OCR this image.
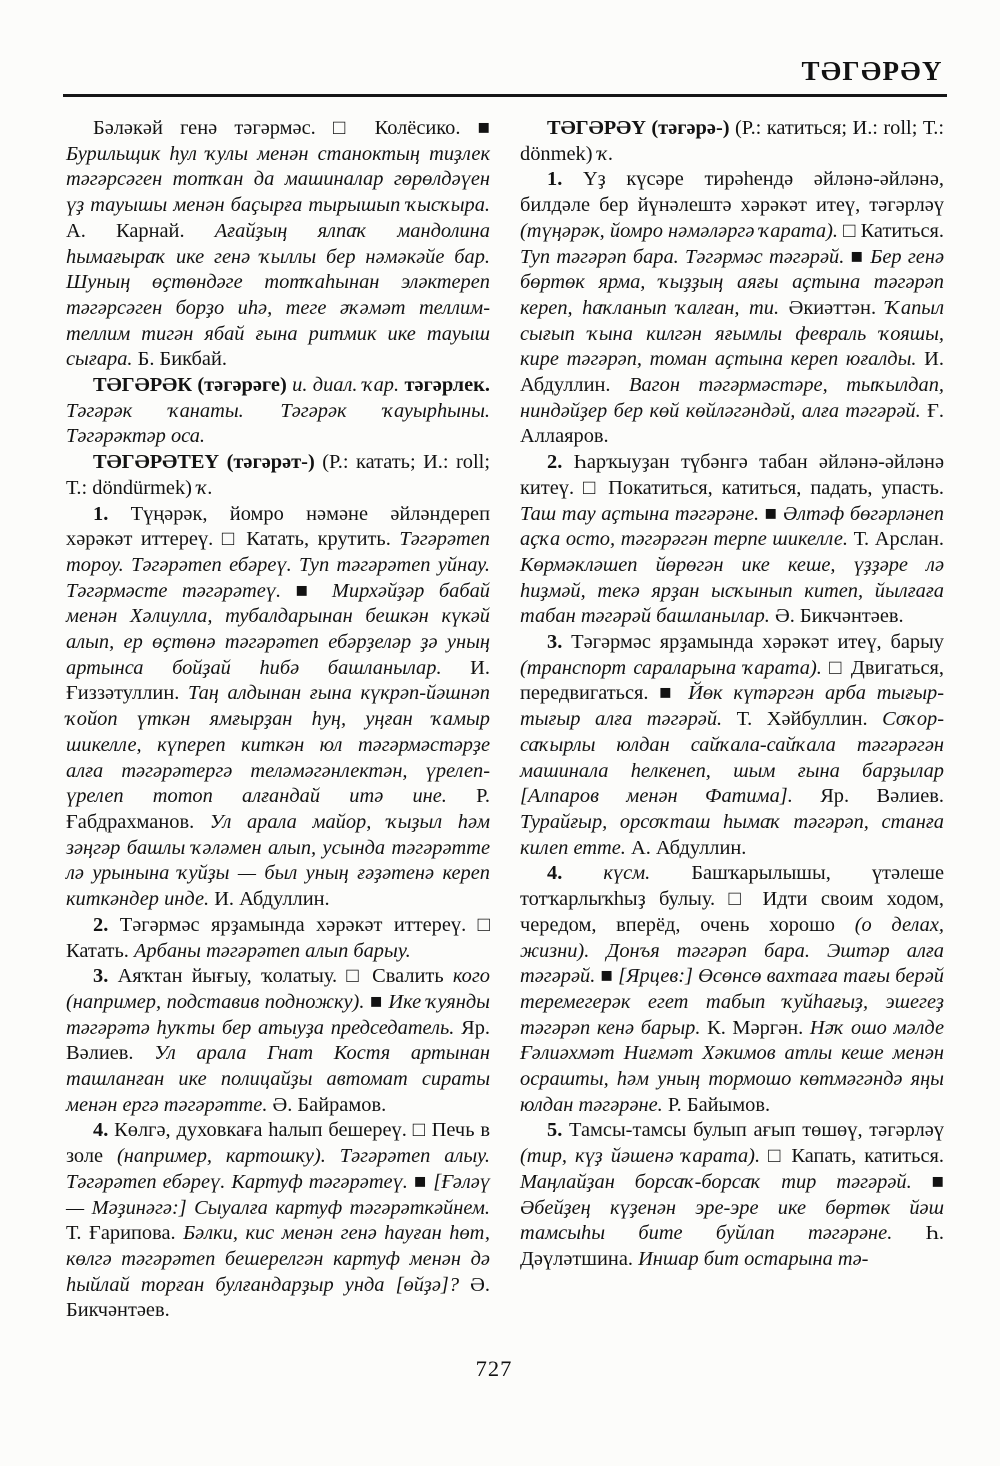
ТӘГӘРӘҮ

Бәләкәй генә тәгәрмәс. □ Колёсико. ■ Бурильщик һул ҡулы менән станоктың тиҙлек тәгәрсәген тотҡан да машиналар гөрөлдәүен үҙ тауышы менән баҫырға тырышып ҡысҡыра. А. Карнай. Ағайҙың ялпаҡ мандолина һымағыраҡ ике генә ҡыллы бер нәмәкәйе бар. Шуның өҫтөндәге тотҡаһынан эләктереп тәгәрсәген борҙо иһә, теге әҡәмәт теллим-теллим тигән ябай ғына ритмик ике тауыш сығара. Б. Бикбай.

ТӘГӘРӘК (тәгәрәге) и. диал. ҡар. тәгәрлек. Тәгәрәк ҡанаты. Тәгәрәк ҡауырһыны. Тәгәрәктәр оса.

ТӘГӘРӘТЕҮ (тәгәрәт-) (Р.: катать; И.: roll; Т.: döndürmek) ҡ.

1. Түңәрәк, йомро нәмәне әйләндереп хәрәкәт иттереү. □ Катать, крутить. Тәгәрәтеп тороу. Тәгәрәтеп ебәреү. Туп тәгәрәтеп уйнау. Тәгәрмәсте тәгәрәтеү. ■ Мирхәйҙәр бабай менән Хәлиулла, тубалдарынан бешкән күкәй алып, ер өҫтөнә тәгәрәтеп ебәрҙеләр ҙә уның артынса бойҙай һибә башланылар. И. Ғиззәтуллин. Таң алдынан ғына күкрәп-йәшнәп ҡойоп үткән ямғырҙан һуң, уңған ҡамыр шикелле, күпереп киткән юл тәгәрмәстәрҙе алға тәгәрәтергә теләмәгәнлектән, үрелеп-үрелеп тотоп алғандай итә ине. Р. Ғабдрахманов. Ул арала майор, ҡыҙыл һәм зәңгәр башлы ҡәләмен алып, усында тәгәрәтте лә урынына ҡуйҙы — был уның ғәҙәтенә кереп киткәндер инде. И. Абдуллин.

2. Тәгәрмәс ярҙамында хәрәкәт иттереү. □ Катать. Арбаны тәгәрәтеп алып барыу.

3. Аяҡтан йығыу, ҡолатыу. □ Свалить кого (например, подставив подножку). ■ Ике ҡуянды тәгәрәтә һуҡты бер атыуҙа председатель. Яр. Вәлиев. Ул арала Гнат Костя артынан ташланған ике полицайҙы автомат сираты менән ергә тәгәрәтте. Ә. Байрамов.

4. Көлгә, духовкаға һалып бешереү. □ Печь в золе (например, картошку). Тәгәрәтеп алыу. Тәгәрәтеп ебәреү. Картуф тәгәрәтеү. ■ [Ғәләү — Мәҙинәгә:] Сыуалға картуф тәгәрәткәйнем. Т. Ғарипова. Бәлки, кис менән генә һауған һөт, көлгә тәгәрәтеп бешерелгән картуф менән дә һыйлай торған булғандарҙыр унда [өйҙә]? Ә. Бикчәнтәев.

ТӘГӘРӘҮ (тәгәрә-) (Р.: катиться; И.: roll; Т.: dönmek) ҡ.

1. Үҙ күсәре тирәһендә әйләнә-әйләнә, билдәле бер йүнәлештә хәрәкәт итеү, тәгәрләү (түңәрәк, йомро нәмәләргә ҡарата). □ Катиться. Туп тәгәрәп бара. Тәгәрмәс тәгәрәй. ■ Бер генә бөртөк ярма, ҡыҙҙың аяғы аҫтына тәгәрәп кереп, һаҡланып ҡалған, ти. Әкиәттән. Ҡапыл сығып ҡына килгән яғымлы февраль ҡояшы, кире тәгәрәп, томан аҫтына кереп юғалды. И. Абдуллин. Вагон тәгәрмәстәре, тыҡылдап, ниндәйҙер бер көй көйләгәндәй, алға тәгәрәй. Ғ. Аллаяров.

2. Һарҡыуҙан түбәнгә табан әйләнә-әйләнә китеү. □ Покатиться, катиться, падать, упасть. Таш тау аҫтына тәгәрәне. ■ Әлтәф бөгәрләнеп аҫҡа осто, тәгәрәгән терпе шикелле. Т. Арслан. Көрмәкләшеп йөрөгән ике кеше, үҙҙәре лә һиҙмәй, текә ярҙан ысҡынып китеп, йылғаға табан тәгәрәй башланылар. Ә. Бикчәнтәев.

3. Тәгәрмәс ярҙамында хәрәкәт итеү, барыу (транспорт сараларына ҡарата). □ Двигаться, передвигаться. ■ Йөк күтәргән арба тығыр-тығыр алға тәгәрәй. Т. Хәйбуллин. Соҡор-саҡырлы юлдан сайҡала-сайҡала тәгәрәгән машинала һелкенеп, шым ғына барҙылар [Алпаров менән Фатима]. Яр. Вәлиев. Турайғыр, орсоҡташ һымаҡ тәгәрәп, станға килеп етте. А. Абдуллин.

4. күсм. Башҡарылышы, үтәлеше тотҡарлыҡһыҙ булыу. □ Идти своим ходом, чередом, вперёд, очень хорошо (о делах, жизни). Донъя тәгәрәп бара. Эштәр алға тәгәрәй. ■ [Ярцев:] Өсөнсө вахтаға тағы берәй теремегерәк егет табып ҡуйһағыҙ, эшегеҙ тәгәрәп кенә барыр. К. Мәргән. Нәҡ ошо мәлде Ғәлиәхмәт Ниғмәт Хәкимов атлы кеше менән осрашты, һәм уның тормошо көтмәгәндә яңы юлдан тәгәрәне. Р. Байымов.

5. Тамсы-тамсы булып ағып төшөү, тәгәрләү (тир, күҙ йәшенә ҡарата). □ Капать, катиться. Маңлайҙан борсаҡ-борсаҡ тир тәгәрәй. ■ Әбейҙең күҙенән эре-эре ике бөртөк йәш тамсыһы бите буйлап тәгәрәне. Һ. Дәүләтшина. Иншар бит остарына тә-

727
